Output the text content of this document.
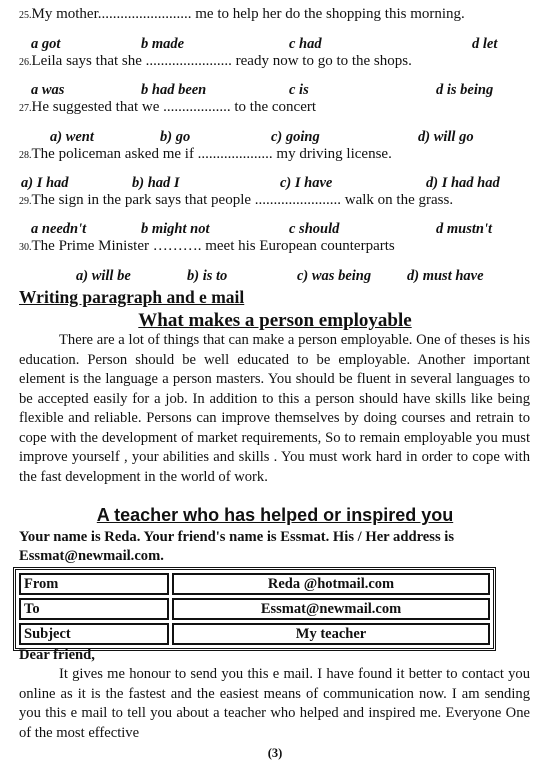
25.My mother......................... me to help her do the shopping this morning.
a got	b made	c had	d let
26.Leila says that she ....................... ready now to go to the shops.
a was	b had been	c is	d is being
27.He suggested that we .................. to the concert
a) went	b) go	c) going	d) will go
28.The policeman asked me if .................... my driving license.
a) I had	b) had I	c) I have	d) I had had
29.The sign in the park says that people ....................... walk on the grass.
a needn't	b might not	c should	d mustn't
30.The Prime Minister ………. meet his European counterparts
a) will be	b) is to	c) was being d) must have
Writing paragraph and e mail
What makes a person employable

There are a lot of things that can make a person employable. One of theses is his education. Person should be well educated to be employable. Another important element is the language a person masters. You should be fluent in several languages to be accepted easily for a job. In addition to this a person should have skills like being flexible and reliable. Persons can improve themselves by doing courses and retrain to cope with the development of market requirements, So to remain employable you must improve yourself , your abilities and skills . You must work hard in order to cope with the fast development in the world of work.

A teacher who has helped or inspired you
Your name is Reda. Your friend's name is Essmat. His / Her address is Essmat@newmail.com.
From	Reda @hotmail.com
To	Essmat@newmail.com
Subject	My teacher
Dear friend,

It gives me honour to send you this e mail. I have found it better to contact you online as it is the fastest and the easiest means of communication now. I am sending you this e mail to tell you about a teacher who helped and inspired me. Everyone One of the most effective

(3)
